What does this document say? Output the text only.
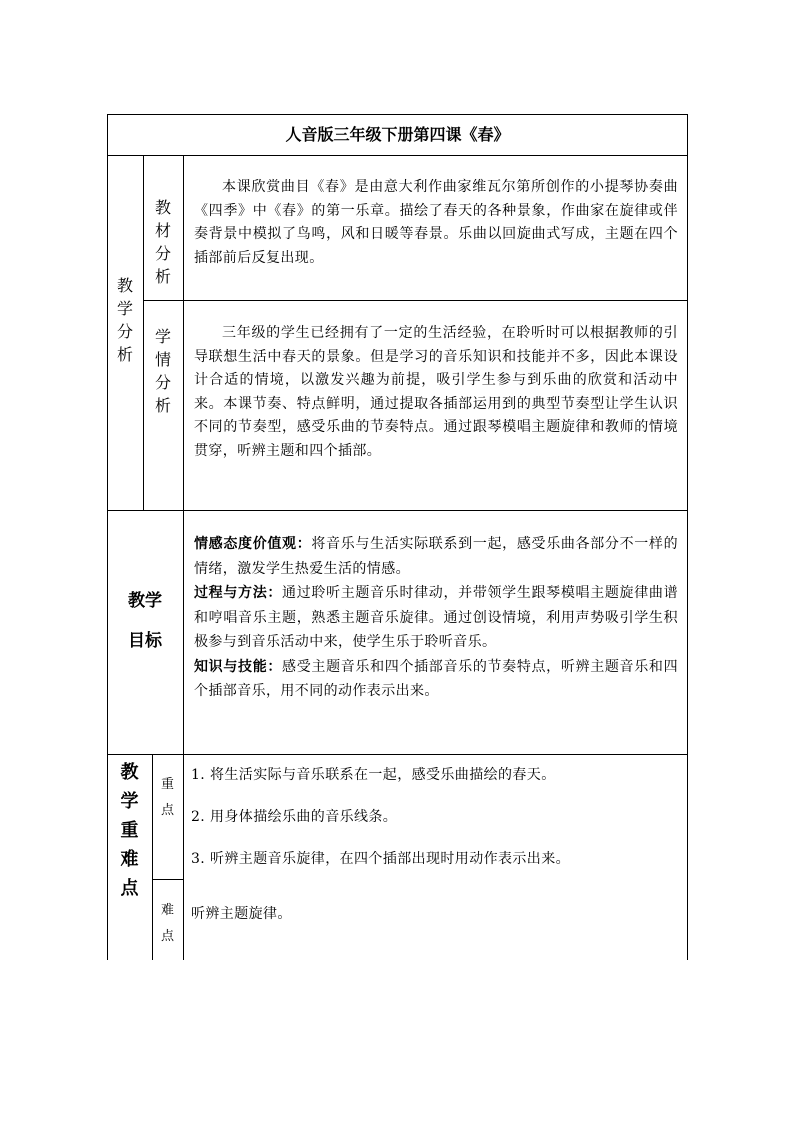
人音版三年级下册第四课《春》
教
学
分
析
教
材
分
析

本课欣赏曲目《春》是由意大利作曲家维瓦尔第所创作的小提琴协奏曲《四季》中《春》的第一乐章。描绘了春天的各种景象，作曲家在旋律或伴奏背景中模拟了鸟鸣，风和日暖等春景。乐曲以回旋曲式写成，主题在四个插部前后反复出现。

学
情
分
析

三年级的学生已经拥有了一定的生活经验，在聆听时可以根据教师的引导联想生活中春天的景象。但是学习的音乐知识和技能并不多，因此本课设计合适的情境，以激发兴趣为前提，吸引学生参与到乐曲的欣赏和活动中来。本课节奏、特点鲜明，通过提取各插部运用到的典型节奏型让学生认识不同的节奏型，感受乐曲的节奏特点。通过跟琴模唱主题旋律和教师的情境贯穿，听辨主题和四个插部。

教学
目标

情感态度价值观：将音乐与生活实际联系到一起，感受乐曲各部分不一样的情绪，激发学生热爱生活的情感。

过程与方法：通过聆听主题音乐时律动，并带领学生跟琴模唱主题旋律曲谱和哼唱音乐主题，熟悉主题音乐旋律。通过创设情境，利用声势吸引学生积极参与到音乐活动中来，使学生乐于聆听音乐。

知识与技能：感受主题音乐和四个插部音乐的节奏特点，听辨主题音乐和四个插部音乐，用不同的动作表示出来。

教
学
重
难
点
重
点

1. 将生活实际与音乐联系在一起，感受乐曲描绘的春天。

2. 用身体描绘乐曲的音乐线条。

3. 听辨主题音乐旋律，在四个插部出现时用动作表示出来。

难
点

听辨主题旋律。
